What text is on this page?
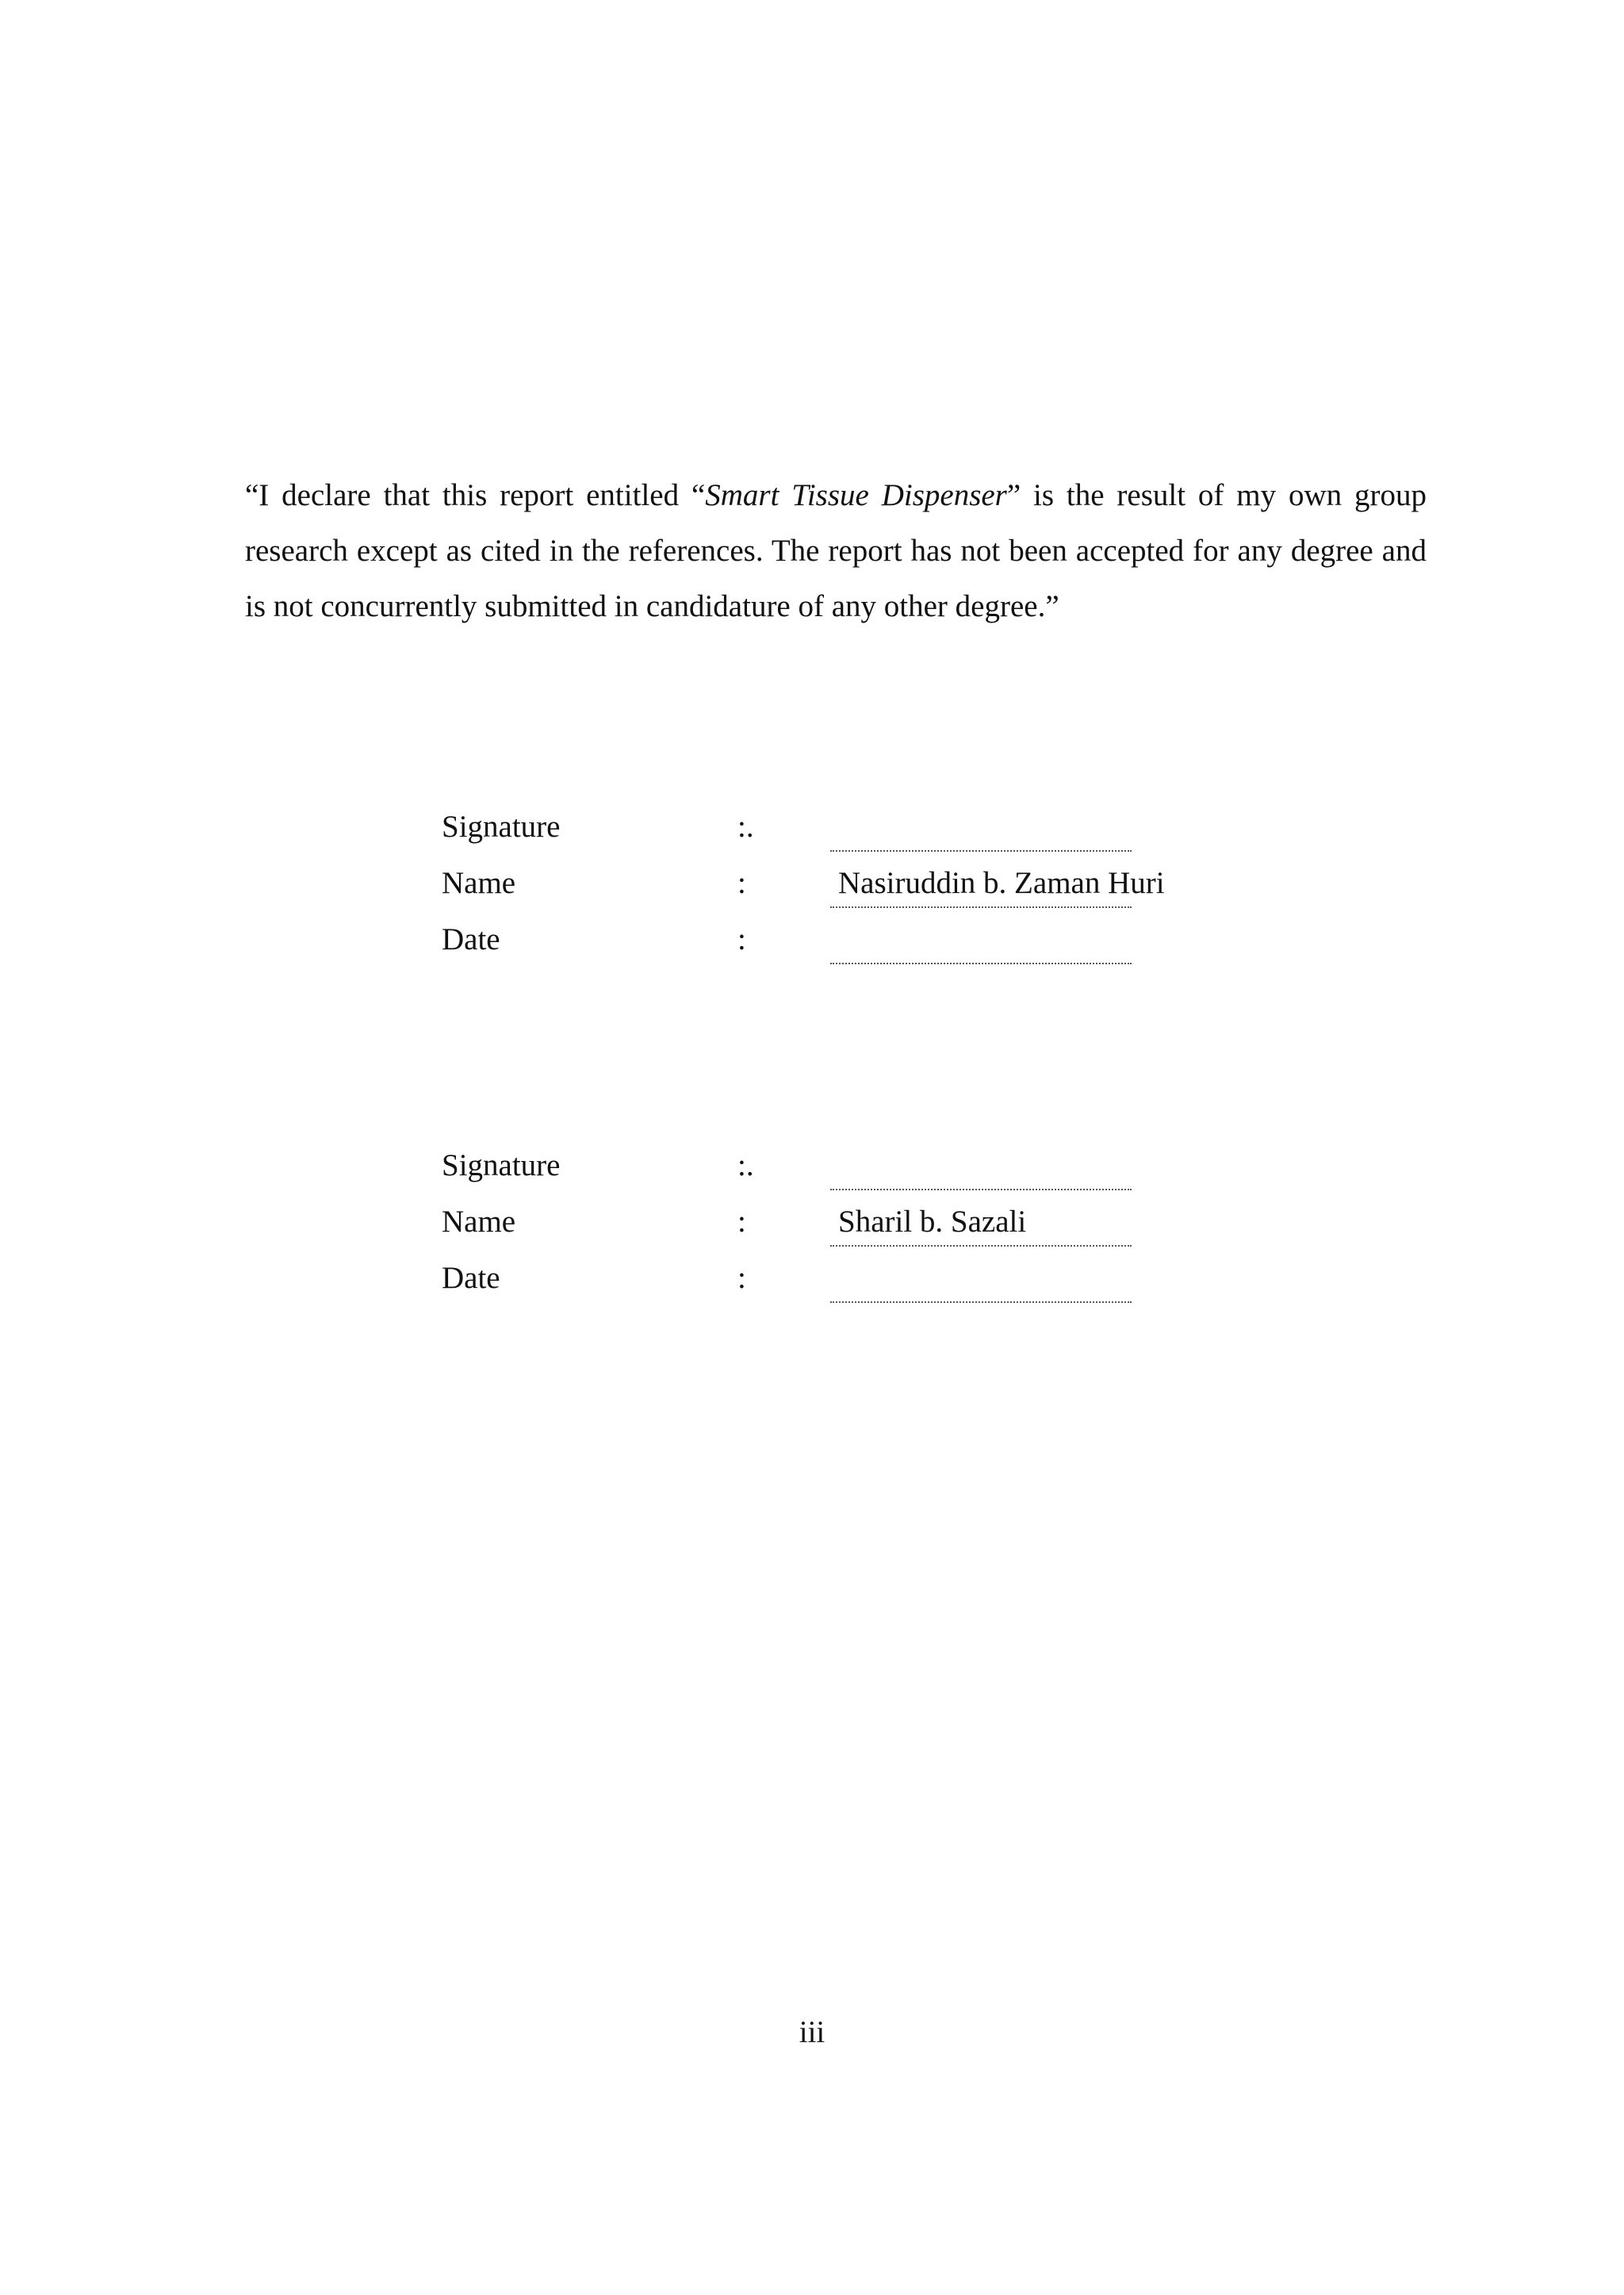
“I declare that this report entitled “Smart Tissue Dispenser” is the result of my own group research except as cited in the references. The report has not been accepted for any degree and is not concurrently submitted in candidature of any other degree.”

Signature	:.
Name	:	Nasiruddin b. Zaman Huri
Date	:
Signature	:.
Name	:	Sharil b. Sazali
Date	:
iii
